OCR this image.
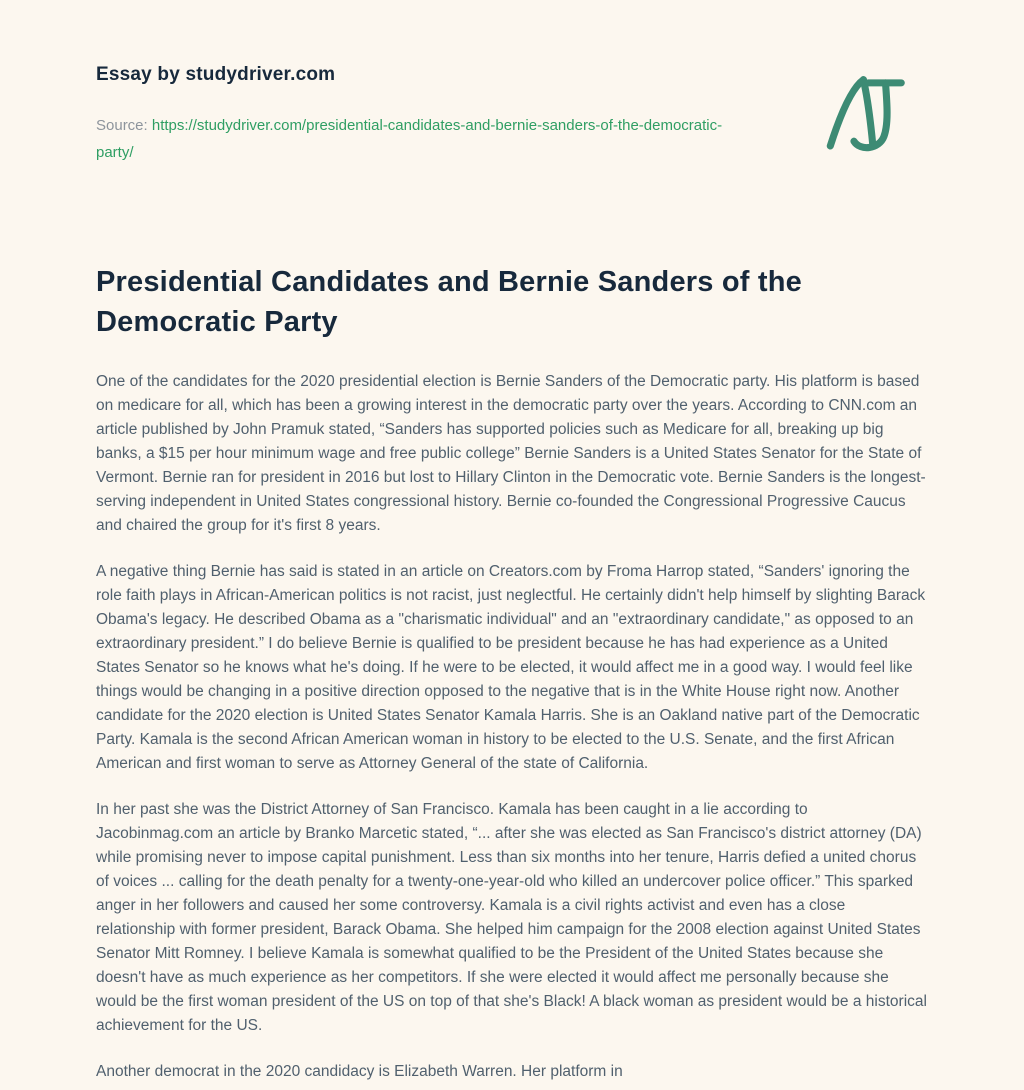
Essay by studydriver.com

Source: https://studydriver.com/presidential-candidates-and-bernie-sanders-of-the-democratic-party/

Presidential Candidates and Bernie Sanders of the Democratic Party

One of the candidates for the 2020 presidential election is Bernie Sanders of the Democratic party. His platform is based on medicare for all, which has been a growing interest in the democratic party over the years. According to CNN.com an article published by John Pramuk stated, “Sanders has supported policies such as Medicare for all, breaking up big banks, a $15 per hour minimum wage and free public college” Bernie Sanders is a United States Senator for the State of Vermont. Bernie ran for president in 2016 but lost to Hillary Clinton in the Democratic vote. Bernie Sanders is the longest-serving independent in United States congressional history. Bernie co-founded the Congressional Progressive Caucus and chaired the group for it's first 8 years.

A negative thing Bernie has said is stated in an article on Creators.com by Froma Harrop stated, “Sanders' ignoring the role faith plays in African-American politics is not racist, just neglectful. He certainly didn't help himself by slighting Barack Obama's legacy. He described Obama as a "charismatic individual" and an "extraordinary candidate," as opposed to an extraordinary president.” I do believe Bernie is qualified to be president because he has had experience as a United States Senator so he knows what he's doing. If he were to be elected, it would affect me in a good way. I would feel like things would be changing in a positive direction opposed to the negative that is in the White House right now. Another candidate for the 2020 election is United States Senator Kamala Harris. She is an Oakland native part of the Democratic Party. Kamala is the second African American woman in history to be elected to the U.S. Senate, and the first African American and first woman to serve as Attorney General of the state of California.

In her past she was the District Attorney of San Francisco. Kamala has been caught in a lie according to Jacobinmag.com an article by Branko Marcetic stated, “... after she was elected as San Francisco's district attorney (DA) while promising never to impose capital punishment. Less than six months into her tenure, Harris defied a united chorus of voices ... calling for the death penalty for a twenty-one-year-old who killed an undercover police officer.” This sparked anger in her followers and caused her some controversy. Kamala is a civil rights activist and even has a close relationship with former president, Barack Obama. She helped him campaign for the 2008 election against United States Senator Mitt Romney. I believe Kamala is somewhat qualified to be the President of the United States because she doesn't have as much experience as her competitors. If she were elected it would affect me personally because she would be the first woman president of the US on top of that she's Black! A black woman as president would be a historical achievement for the US.

Another democrat in the 2020 candidacy is Elizabeth Warren. Her platform in
